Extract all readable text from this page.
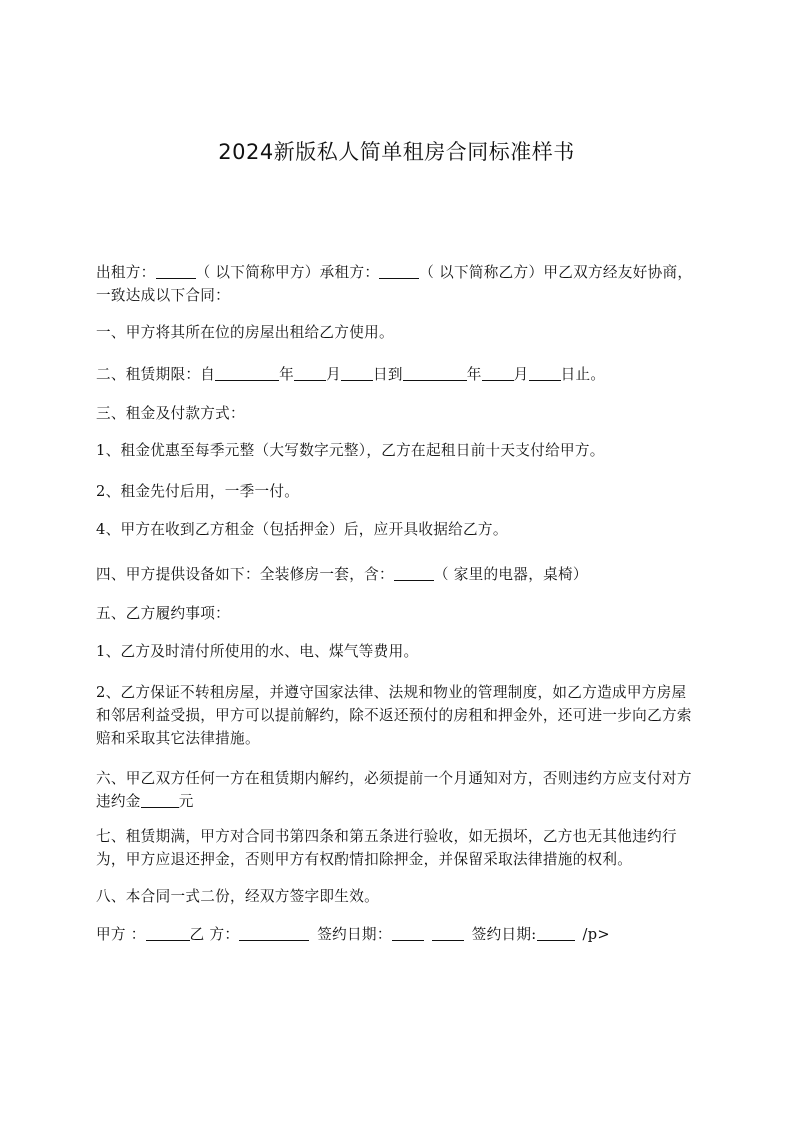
2024新版私人简单租房合同标准样书
出租方：	（ 以下简称甲方）承租方：	（ 以下简称乙方）甲乙双方经友好协商，一致达成以下合同：
一、甲方将其所在位的房屋出租给乙方使用。
二、租赁期限：自	年 月 日到	年 月 日止。
三、租金及付款方式：
1、租金优惠至每季元整（大写数字元整），乙方在起租日前十天支付给甲方。
2、租金先付后用，一季一付。
4、甲方在收到乙方租金（包括押金）后，应开具收据给乙方。
四、甲方提供设备如下：全装修房一套，含：	（ 家里的电器，桌椅）
五、乙方履约事项：
1、乙方及时清付所使用的水、电、煤气等费用。
2、乙方保证不转租房屋，并遵守国家法律、法规和物业的管理制度，如乙方造成甲方房屋和邻居利益受损，甲方可以提前解约，除不返还预付的房租和押金外，还可进一步向乙方索赔和采取其它法律措施。
六、甲乙双方任何一方在租赁期内解约，必须提前一个月通知对方，否则违约方应支付对方违约金	元
七、租赁期满，甲方对合同书第四条和第五条进行验收，如无损坏，乙方也无其他违约行为，甲方应退还押金，否则甲方有权酌情扣除押金，并保留采取法律措施的权利。
八、本合同一式二份，经双方签字即生效。
甲方 ：	乙 方：	签约日期：	签约日期:	/p>
